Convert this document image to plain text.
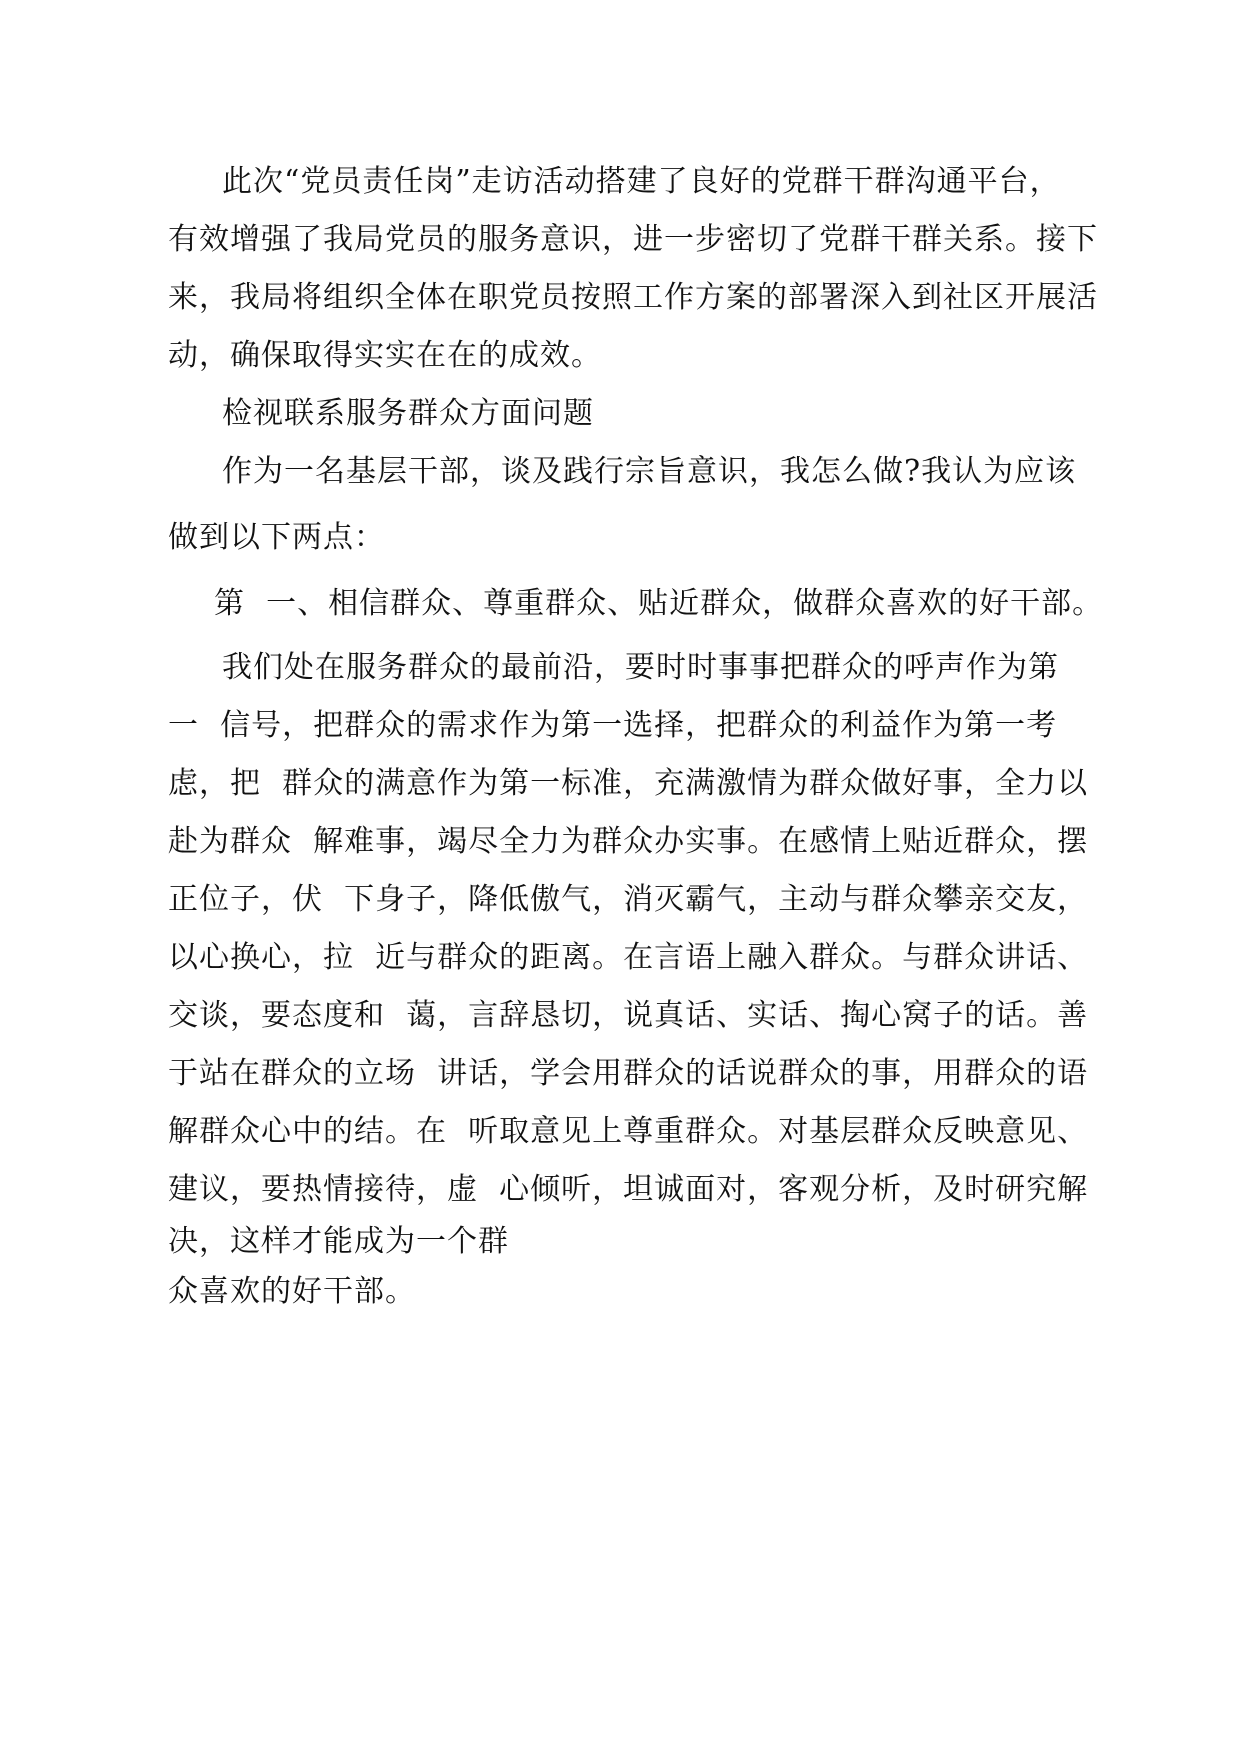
此次“党员责任岗”走访活动搭建了良好的党群干群沟通平台，
有效增强了我局党员的服务意识，进一步密切了党群干群关系。接下
来，我局将组织全体在职党员按照工作方案的部署深入到社区开展活
动，确保取得实实在在的成效。
检视联系服务群众方面问题
作为一名基层干部，谈及践行宗旨意识，我怎么做?我认为应该
做到以下两点：
第  一、相信群众、尊重群众、贴近群众，做群众喜欢的好干部。
我们处在服务群众的最前沿，要时时事事把群众的呼声作为第
一  信号，把群众的需求作为第一选择，把群众的利益作为第一考
虑，把  群众的满意作为第一标准，充满激情为群众做好事，全力以
赴为群众  解难事，竭尽全力为群众办实事。在感情上贴近群众，摆
正位子，伏  下身子，降低傲气，消灭霸气，主动与群众攀亲交友，
以心换心，拉  近与群众的距离。在言语上融入群众。与群众讲话、
交谈，要态度和  蔼，言辞恳切，说真话、实话、掏心窝子的话。善
于站在群众的立场  讲话，学会用群众的话说群众的事，用群众的语
解群众心中的结。在  听取意见上尊重群众。对基层群众反映意见、
建议，要热情接待，虚  心倾听，坦诚面对，客观分析，及时研究解
决，这样才能成为一个群
众喜欢的好干部。
